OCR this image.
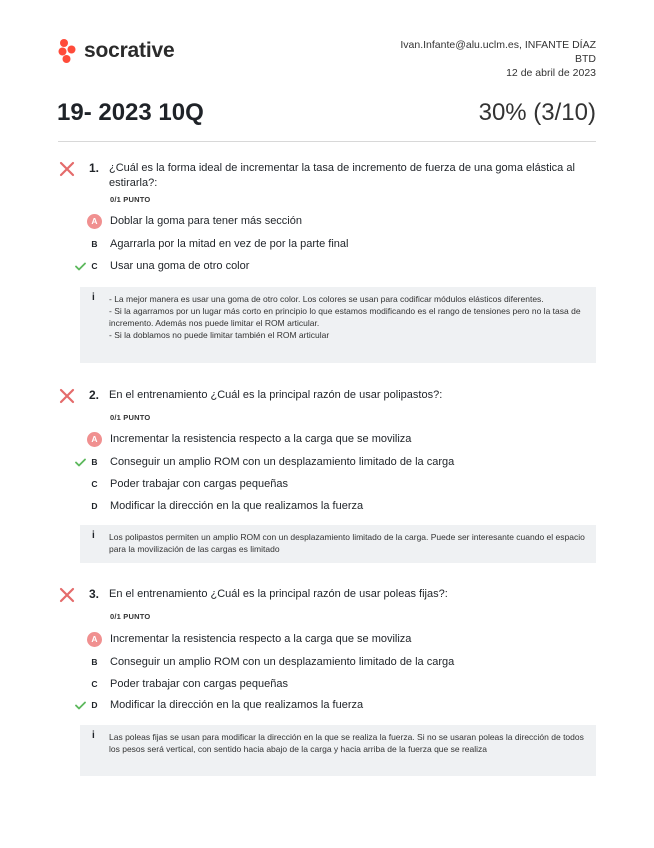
socrative	Ivan.Infante@alu.uclm.es, INFANTE DÍAZ
BTD
12 de abril de 2023
19- 2023 10Q	30% (3/10)
1. ¿Cuál es la forma ideal de incrementar la tasa de incremento de fuerza de una goma elástica al estirarla?:
0/1 PUNTO
A	Doblar la goma para tener más sección
B	Agarrarla por la mitad en vez de por la parte final
C	Usar una goma de otro color
i - La mejor manera es usar una goma de otro color. Los colores se usan para codificar módulos elásticos diferentes.
- Si la agarramos por un lugar más corto en principio lo que estamos modificando es el rango de tensiones pero no la tasa de incremento. Además nos puede limitar el ROM articular.
- Si la doblamos no puede limitar también el ROM articular
2. En el entrenamiento ¿Cuál es la principal razón de usar polipastos?:
0/1 PUNTO
A	Incrementar la resistencia respecto a la carga que se moviliza
B	Conseguir un amplio ROM con un desplazamiento limitado de la carga
C	Poder trabajar con cargas pequeñas
D	Modificar la dirección en la que realizamos la fuerza
i Los polipastos permiten un amplio ROM con un desplazamiento limitado de la carga. Puede ser interesante cuando el espacio para la movilización de las cargas es limitado
3. En el entrenamiento ¿Cuál es la principal razón de usar poleas fijas?:
0/1 PUNTO
A	Incrementar la resistencia respecto a la carga que se moviliza
B	Conseguir un amplio ROM con un desplazamiento limitado de la carga
C	Poder trabajar con cargas pequeñas
D	Modificar la dirección en la que realizamos la fuerza
i Las poleas fijas se usan para modificar la dirección en la que se realiza la fuerza. Si no se usaran poleas la dirección de todos los pesos será vertical, con sentido hacia abajo de la carga y hacia arriba de la fuerza que se realiza
